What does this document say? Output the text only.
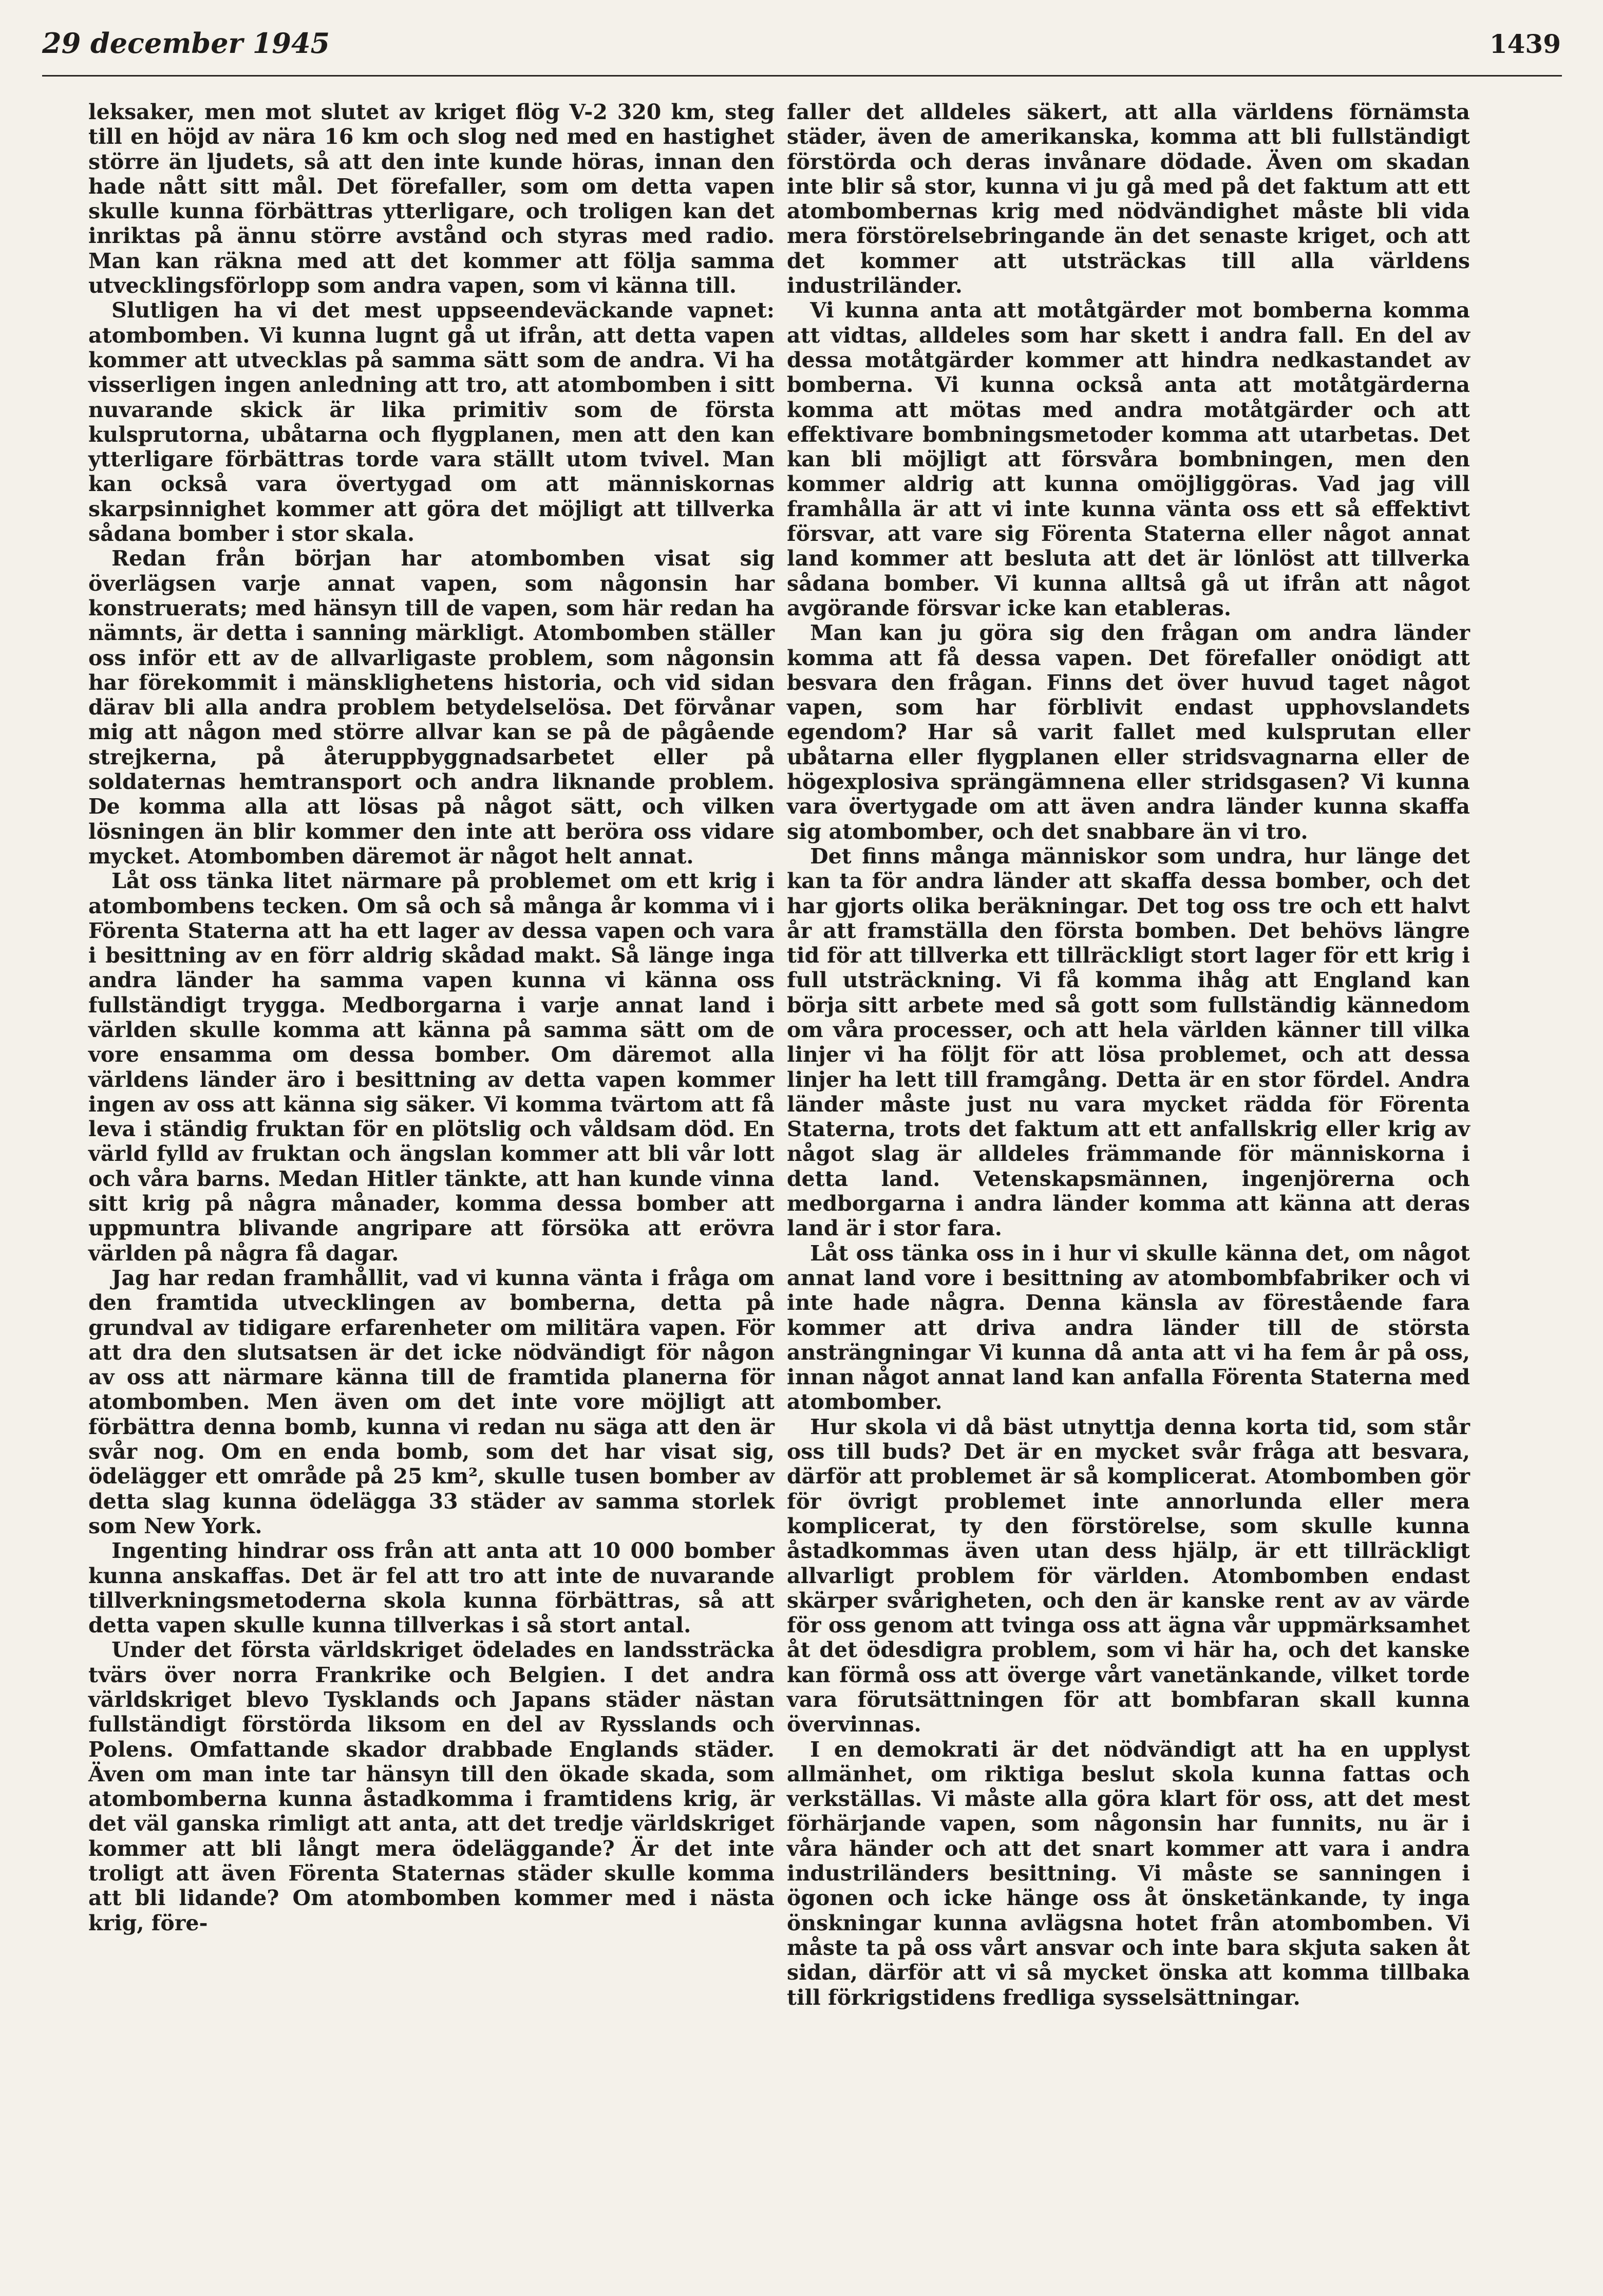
29 december 1945	1439

leksaker, men mot slutet av kriget flög V-2 320 km, steg till en höjd av nära 16 km och slog ned med en hastighet större än ljudets, så att den inte kunde höras, innan den hade nått sitt mål. Det förefaller, som om detta vapen skulle kunna förbättras ytterligare, och troligen kan det inriktas på ännu större avstånd och styras med radio. Man kan räkna med att det kommer att följa samma utvecklingsförlopp som andra vapen, som vi känna till.

Slutligen ha vi det mest uppseendeväckande vapnet: atombomben. Vi kunna lugnt gå ut ifrån, att detta vapen kommer att utvecklas på samma sätt som de andra. Vi ha visserligen ingen anledning att tro, att atombomben i sitt nuvarande skick är lika primitiv som de första kulsprutorna, ubåtarna och flygplanen, men att den kan ytterligare förbättras torde vara ställt utom tvivel. Man kan också vara övertygad om att människornas skarpsinnighet kommer att göra det möjligt att tillverka sådana bomber i stor skala.

Redan från början har atombomben visat sig överlägsen varje annat vapen, som någonsin har konstruerats; med hänsyn till de vapen, som här redan ha nämnts, är detta i sanning märkligt. Atombomben ställer oss inför ett av de allvarligaste problem, som någonsin har förekommit i mänsklighetens historia, och vid sidan därav bli alla andra problem betydelselösa. Det förvånar mig att någon med större allvar kan se på de pågående strejkerna, på återuppbyggnadsarbetet eller på soldaternas hemtransport och andra liknande problem. De komma alla att lösas på något sätt, och vilken lösningen än blir kommer den inte att beröra oss vidare mycket. Atombomben däremot är något helt annat.

Låt oss tänka litet närmare på problemet om ett krig i atombombens tecken. Om så och så många år komma vi i Förenta Staterna att ha ett lager av dessa vapen och vara i besittning av en förr aldrig skådad makt. Så länge inga andra länder ha samma vapen kunna vi känna oss fullständigt trygga. Medborgarna i varje annat land i världen skulle komma att känna på samma sätt om de vore ensamma om dessa bomber. Om däremot alla världens länder äro i besittning av detta vapen kommer ingen av oss att känna sig säker. Vi komma tvärtom att få leva i ständig fruktan för en plötslig och våldsam död. En värld fylld av fruktan och ängslan kommer att bli vår lott och våra barns. Medan Hitler tänkte, att han kunde vinna sitt krig på några månader, komma dessa bomber att uppmuntra blivande angripare att försöka att erövra världen på några få dagar.

Jag har redan framhållit, vad vi kunna vänta i fråga om den framtida utvecklingen av bomberna, detta på grundval av tidigare erfarenheter om militära vapen. För att dra den slutsatsen är det icke nödvändigt för någon av oss att närmare känna till de framtida planerna för atombomben. Men även om det inte vore möjligt att förbättra denna bomb, kunna vi redan nu säga att den är svår nog. Om en enda bomb, som det har visat sig, ödelägger ett område på 25 km², skulle tusen bomber av detta slag kunna ödelägga 33 städer av samma storlek som New York.

Ingenting hindrar oss från att anta att 10 000 bomber kunna anskaffas. Det är fel att tro att inte de nuvarande tillverkningsmetoderna skola kunna förbättras, så att detta vapen skulle kunna tillverkas i så stort antal.

Under det första världskriget ödelades en landssträcka tvärs över norra Frankrike och Belgien. I det andra världskriget blevo Tysklands och Japans städer nästan fullständigt förstörda liksom en del av Rysslands och Polens. Omfattande skador drabbade Englands städer. Även om man inte tar hänsyn till den ökade skada, som atombomberna kunna åstadkomma i framtidens krig, är det väl ganska rimligt att anta, att det tredje världskriget kommer att bli långt mera ödeläggande? Är det inte troligt att även Förenta Staternas städer skulle komma att bli lidande? Om atombomben kommer med i nästa krig, före-

faller det alldeles säkert, att alla världens förnämsta städer, även de amerikanska, komma att bli fullständigt förstörda och deras invånare dödade. Även om skadan inte blir så stor, kunna vi ju gå med på det faktum att ett atombombernas krig med nödvändighet måste bli vida mera förstörelsebringande än det senaste kriget, och att det kommer att utsträckas till alla världens industriländer.

Vi kunna anta att motåtgärder mot bomberna komma att vidtas, alldeles som har skett i andra fall. En del av dessa motåtgärder kommer att hindra nedkastandet av bomberna. Vi kunna också anta att motåtgärderna komma att mötas med andra motåtgärder och att effektivare bombningsmetoder komma att utarbetas. Det kan bli möjligt att försvåra bombningen, men den kommer aldrig att kunna omöjliggöras. Vad jag vill framhålla är att vi inte kunna vänta oss ett så effektivt försvar, att vare sig Förenta Staterna eller något annat land kommer att besluta att det är lönlöst att tillverka sådana bomber. Vi kunna alltså gå ut ifrån att något avgörande försvar icke kan etableras.

Man kan ju göra sig den frågan om andra länder komma att få dessa vapen. Det förefaller onödigt att besvara den frågan. Finns det över huvud taget något vapen, som har förblivit endast upphovslandets egendom? Har så varit fallet med kulsprutan eller ubåtarna eller flygplanen eller stridsvagnarna eller de högexplosiva sprängämnena eller stridsgasen? Vi kunna vara övertygade om att även andra länder kunna skaffa sig atombomber, och det snabbare än vi tro.

Det finns många människor som undra, hur länge det kan ta för andra länder att skaffa dessa bomber, och det har gjorts olika beräkningar. Det tog oss tre och ett halvt år att framställa den första bomben. Det behövs längre tid för att tillverka ett tillräckligt stort lager för ett krig i full utsträckning. Vi få komma ihåg att England kan börja sitt arbete med så gott som fullständig kännedom om våra processer, och att hela världen känner till vilka linjer vi ha följt för att lösa problemet, och att dessa linjer ha lett till framgång. Detta är en stor fördel. Andra länder måste just nu vara mycket rädda för Förenta Staterna, trots det faktum att ett anfallskrig eller krig av något slag är alldeles främmande för människorna i detta land. Vetenskapsmännen, ingenjörerna och medborgarna i andra länder komma att känna att deras land är i stor fara.

Låt oss tänka oss in i hur vi skulle känna det, om något annat land vore i besittning av atombombfabriker och vi inte hade några. Denna känsla av förestående fara kommer att driva andra länder till de största ansträngningar Vi kunna då anta att vi ha fem år på oss, innan något annat land kan anfalla Förenta Staterna med atombomber.

Hur skola vi då bäst utnyttja denna korta tid, som står oss till buds? Det är en mycket svår fråga att besvara, därför att problemet är så komplicerat. Atombomben gör för övrigt problemet inte annorlunda eller mera komplicerat, ty den förstörelse, som skulle kunna åstadkommas även utan dess hjälp, är ett tillräckligt allvarligt problem för världen. Atombomben endast skärper svårigheten, och den är kanske rent av av värde för oss genom att tvinga oss att ägna vår uppmärksamhet åt det ödesdigra problem, som vi här ha, och det kanske kan förmå oss att överge vårt vanetänkande, vilket torde vara förutsättningen för att bombfaran skall kunna övervinnas.

I en demokrati är det nödvändigt att ha en upplyst allmänhet, om riktiga beslut skola kunna fattas och verkställas. Vi måste alla göra klart för oss, att det mest förhärjande vapen, som någonsin har funnits, nu är i våra händer och att det snart kommer att vara i andra industriländers besittning. Vi måste se sanningen i ögonen och icke hänge oss åt önsketänkande, ty inga önskningar kunna avlägsna hotet från atombomben. Vi måste ta på oss vårt ansvar och inte bara skjuta saken åt sidan, därför att vi så mycket önska att komma tillbaka till förkrigstidens fredliga sysselsättningar.
